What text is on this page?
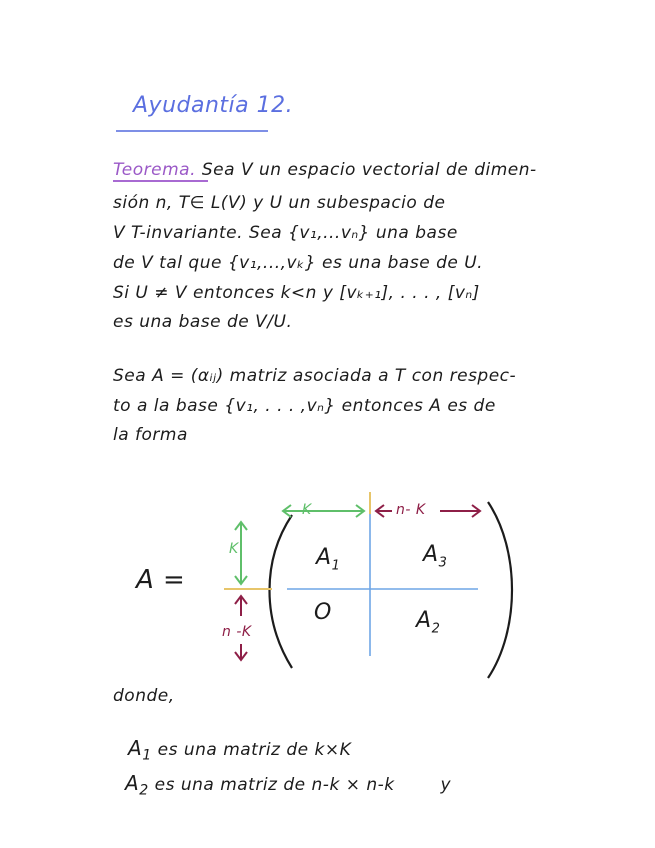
Ayudantía 12.
Teorema. Sea V un espacio vectorial de dimen-
sión n, T∈ L(V) y U un subespacio de
V T-invariante. Sea {v₁,...vₙ} una base
de V tal que {v₁,...,vₖ} es una base de U.
Si U ≠ V entonces k<n y [vₖ₊₁], . . . , [vₙ]
es una base de V/U.
Sea A = (αᵢⱼ) matriz asociada a T con respec-
to a la base {v₁, . . . ,vₙ} entonces A es de
la forma
A =
K	n- K
K
n -K
$A_1$	$A_3$
O	$A_2$
donde,
$A_1$ es una matriz de k×K
$A_2$ es una matriz de n-k × n-k	y
